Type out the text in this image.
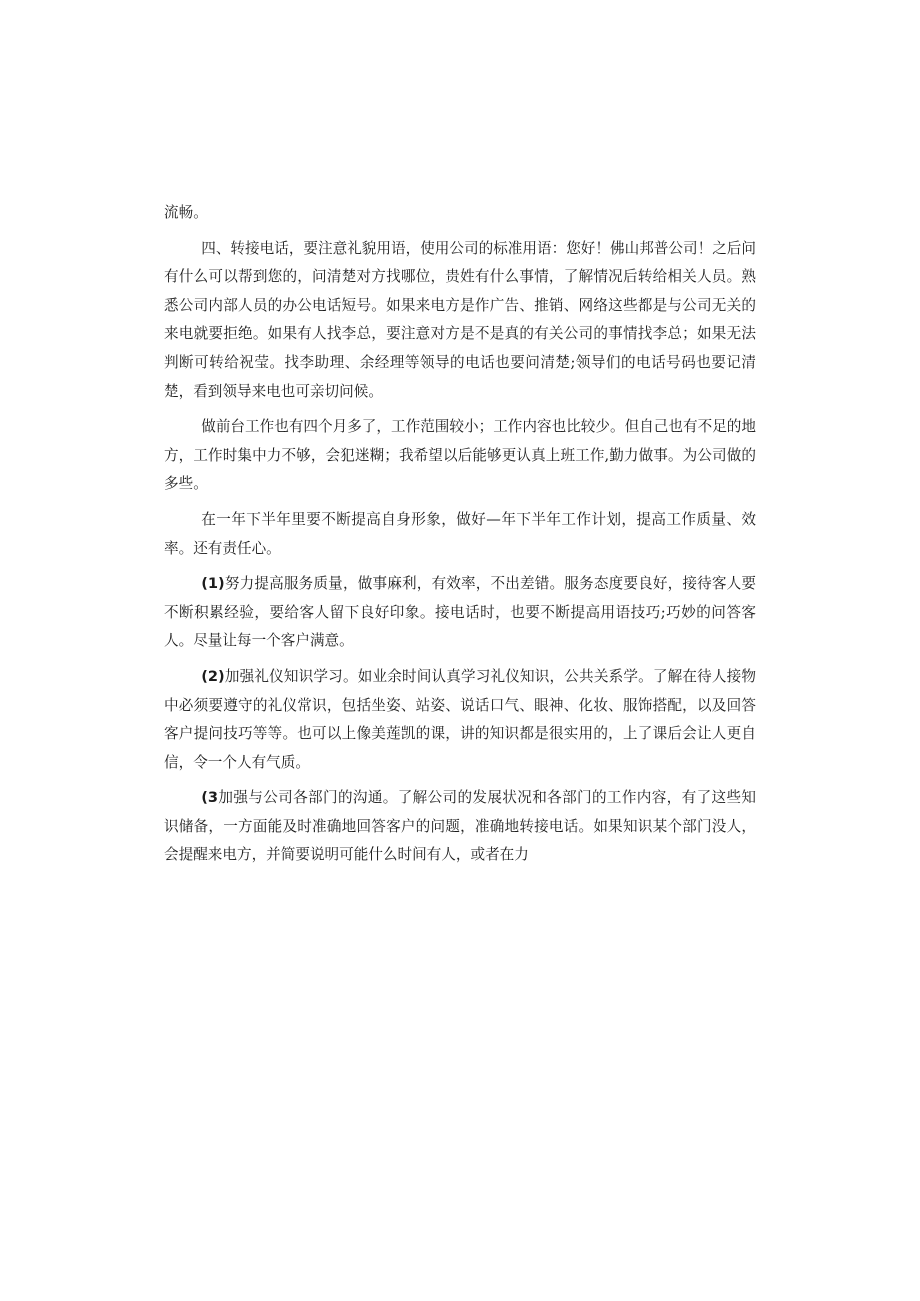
流畅。

四、转接电话，要注意礼貌用语，使用公司的标准用语：您好！佛山邦普公司！之后问有什么可以帮到您的，问清楚对方找哪位，贵姓有什么事情，了解情况后转给相关人员。熟悉公司内部人员的办公电话短号。如果来电方是作广告、推销、网络这些都是与公司无关的来电就要拒绝。如果有人找李总，要注意对方是不是真的有关公司的事情找李总；如果无法判断可转给祝莹。找李助理、余经理等领导的电话也要问清楚;领导们的电话号码也要记清楚，看到领导来电也可亲切问候。

做前台工作也有四个月多了，工作范围较小；工作内容也比较少。但自己也有不足的地方，工作时集中力不够，会犯迷糊；我希望以后能够更认真上班工作,勤力做事。为公司做的多些。

在一年下半年里要不断提高自身形象，做好—年下半年工作计划，提高工作质量、效率。还有责任心。

(1)努力提高服务质量，做事麻利，有效率，不出差错。服务态度要良好，接待客人要不断积累经验，要给客人留下良好印象。接电话时，也要不断提高用语技巧;巧妙的问答客人。尽量让每一个客户满意。

(2)加强礼仪知识学习。如业余时间认真学习礼仪知识，公共关系学。了解在待人接物中必须要遵守的礼仪常识，包括坐姿、站姿、说话口气、眼神、化妆、服饰搭配，以及回答客户提问技巧等等。也可以上像美莲凯的课，讲的知识都是很实用的，上了课后会让人更自信，令一个人有气质。

(3加强与公司各部门的沟通。了解公司的发展状况和各部门的工作内容，有了这些知识储备，一方面能及时准确地回答客户的问题，准确地转接电话。如果知识某个部门没人，会提醒来电方，并简要说明可能什么时间有人，或者在力
